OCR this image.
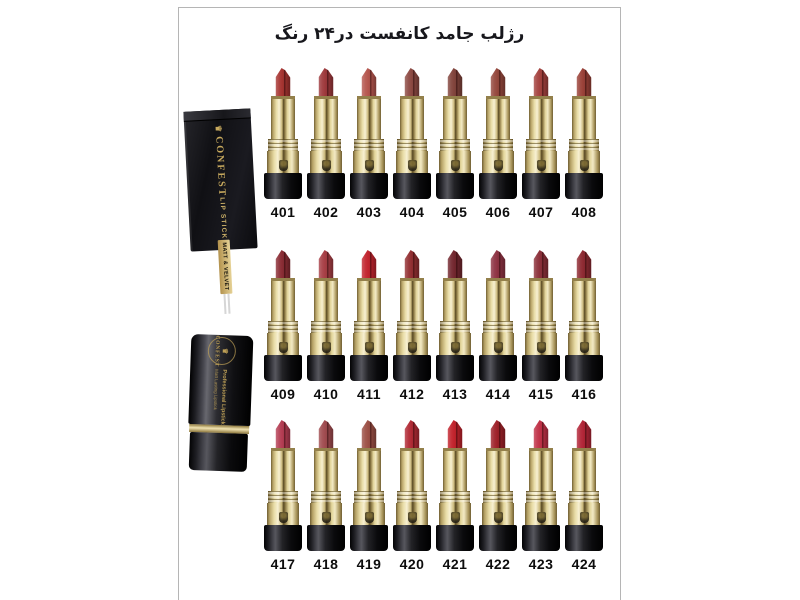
رژلب جامد کانفست در۲۴ رنگ
♛
CONFEST
LIP STICK
MATT & VELVET
♛
CONFEST
Professional Lipstick
Matt Lasting Lipstick
401 402 403 404 405 406 407 408
409 410 411 412 413 414 415 416
417 418 419 420 421 422 423 424
